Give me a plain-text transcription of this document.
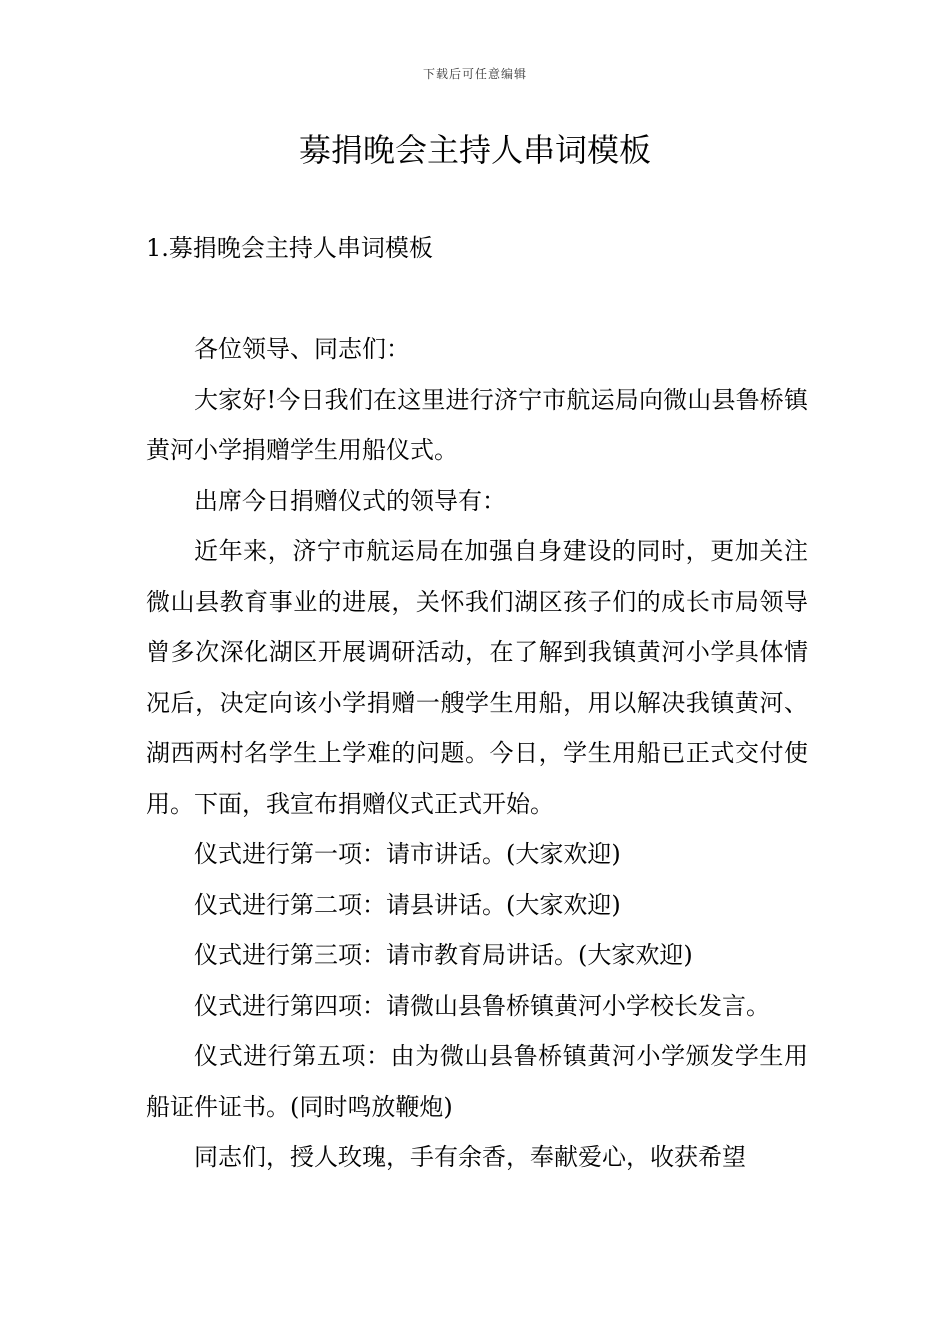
下载后可任意编辑
募捐晚会主持人串词模板
1.募捐晚会主持人串词模板

各位领导、同志们：

大家好!今日我们在这里进行济宁市航运局向微山县鲁桥镇黄河小学捐赠学生用船仪式。

出席今日捐赠仪式的领导有：

近年来，济宁市航运局在加强自身建设的同时，更加关注微山县教育事业的进展，关怀我们湖区孩子们的成长市局领导曾多次深化湖区开展调研活动，在了解到我镇黄河小学具体情况后，决定向该小学捐赠一艘学生用船，用以解决我镇黄河、湖西两村名学生上学难的问题。今日，学生用船已正式交付使用。下面，我宣布捐赠仪式正式开始。

仪式进行第一项：请市讲话。(大家欢迎)

仪式进行第二项：请县讲话。(大家欢迎)

仪式进行第三项：请市教育局讲话。(大家欢迎)

仪式进行第四项：请微山县鲁桥镇黄河小学校长发言。

仪式进行第五项：由为微山县鲁桥镇黄河小学颁发学生用船证件证书。(同时鸣放鞭炮)

同志们，授人玫瑰，手有余香，奉献爱心，收获希望
